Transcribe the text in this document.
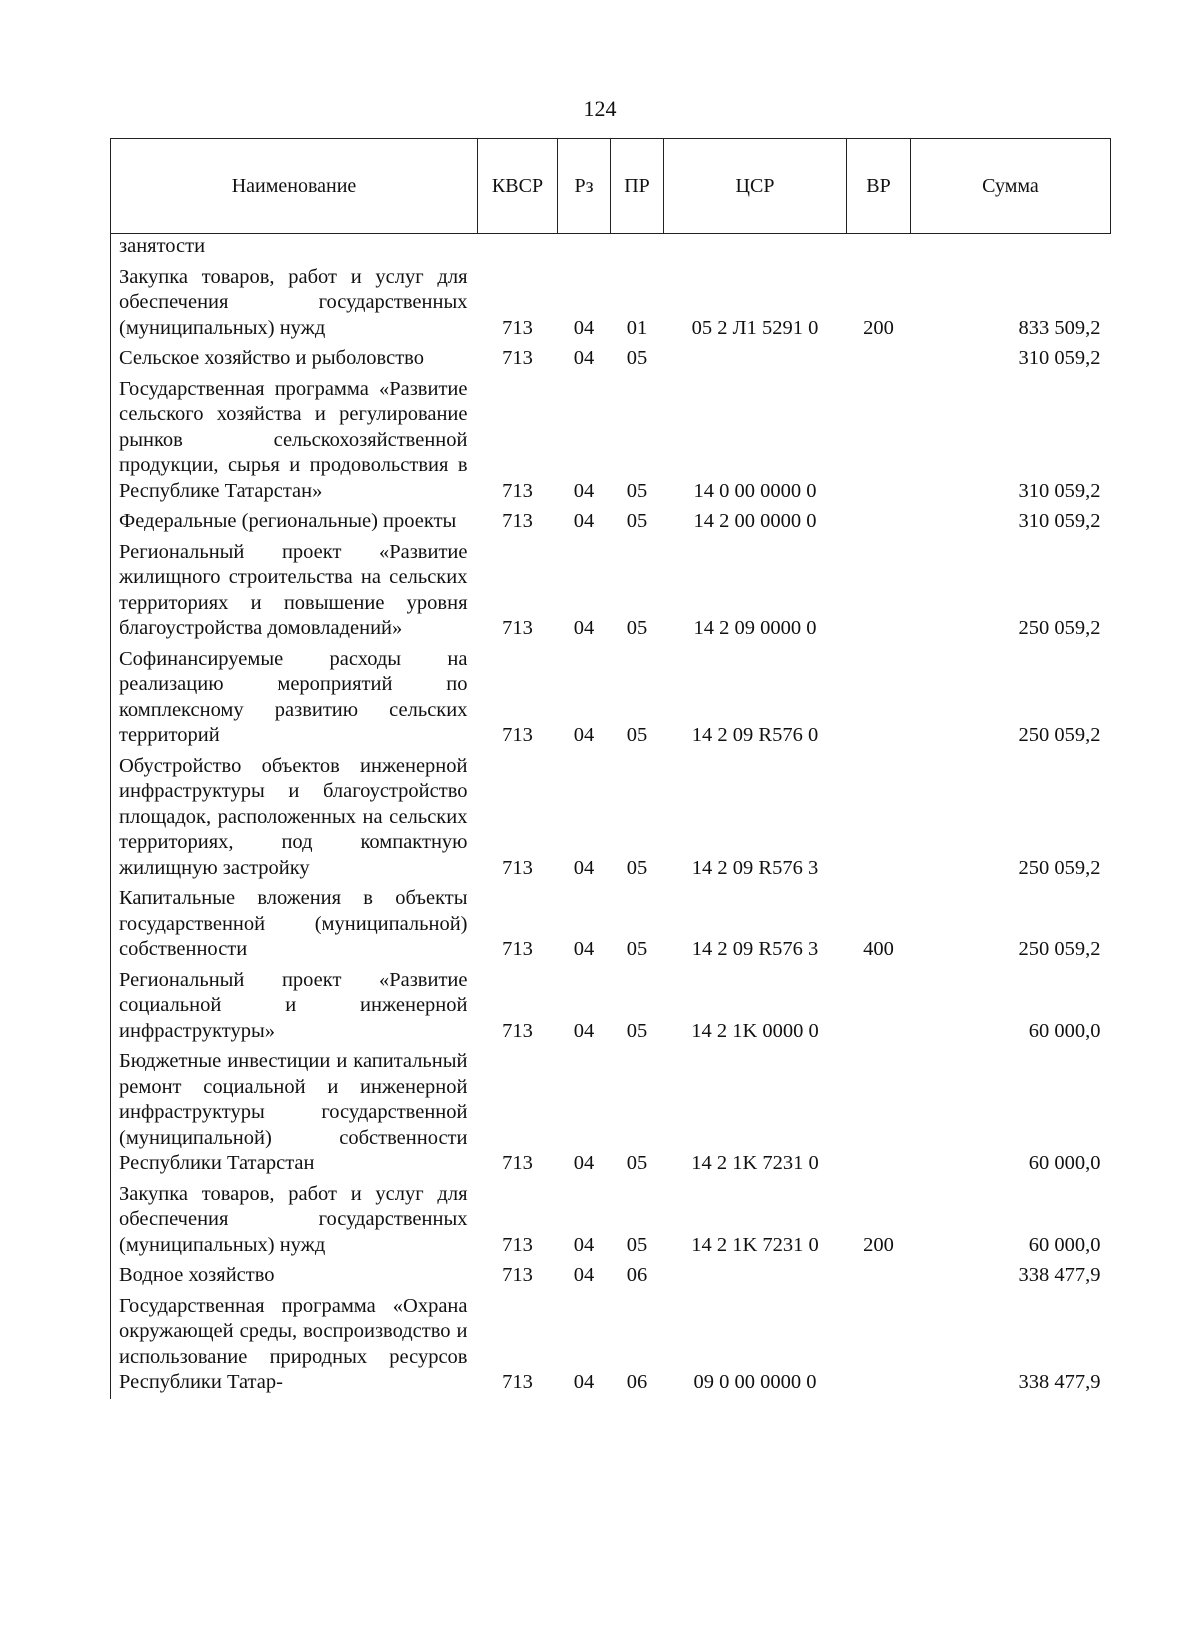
124
Наименование	КВСР	Рз	ПР	ЦСР	ВР	Сумма
занятости						
Закупка товаров, работ и услуг для обеспечения государственных (муниципальных) нужд	713	04	01	05 2 Л1 5291 0	200	833 509,2
Сельское хозяйство и рыболовство	713	04	05			310 059,2
Государственная программа «Развитие сельского хозяйства и регулирование рынков сельскохозяйственной продукции, сырья и продовольствия в Республике Татарстан»	713	04	05	14 0 00 0000 0		310 059,2
Федеральные (региональные) проекты	713	04	05	14 2 00 0000 0		310 059,2
Региональный проект «Развитие жилищного строительства на сельских территориях и повышение уровня благоустройства домовладений»	713	04	05	14 2 09 0000 0		250 059,2
Софинансируемые расходы на реализацию мероприятий по комплексному развитию сельских территорий	713	04	05	14 2 09 R576 0		250 059,2
Обустройство объектов инженерной инфраструктуры и благоустройство площадок, расположенных на сельских территориях, под компактную жилищную застройку	713	04	05	14 2 09 R576 3		250 059,2
Капитальные вложения в объекты государственной (муниципальной) собственности	713	04	05	14 2 09 R576 3	400	250 059,2
Региональный проект «Развитие социальной и инженерной инфраструктуры»	713	04	05	14 2 1K 0000 0		60 000,0
Бюджетные инвестиции и капитальный ремонт социальной и инженерной инфраструктуры государственной (муниципальной) собственности Республики Татарстан	713	04	05	14 2 1K 7231 0		60 000,0
Закупка товаров, работ и услуг для обеспечения государственных (муниципальных) нужд	713	04	05	14 2 1K 7231 0	200	60 000,0
Водное хозяйство	713	04	06			338 477,9
Государственная программа «Охрана окружающей среды, воспроизводство и использование природных ресурсов Республики Татар-	713	04	06	09 0 00 0000 0		338 477,9
